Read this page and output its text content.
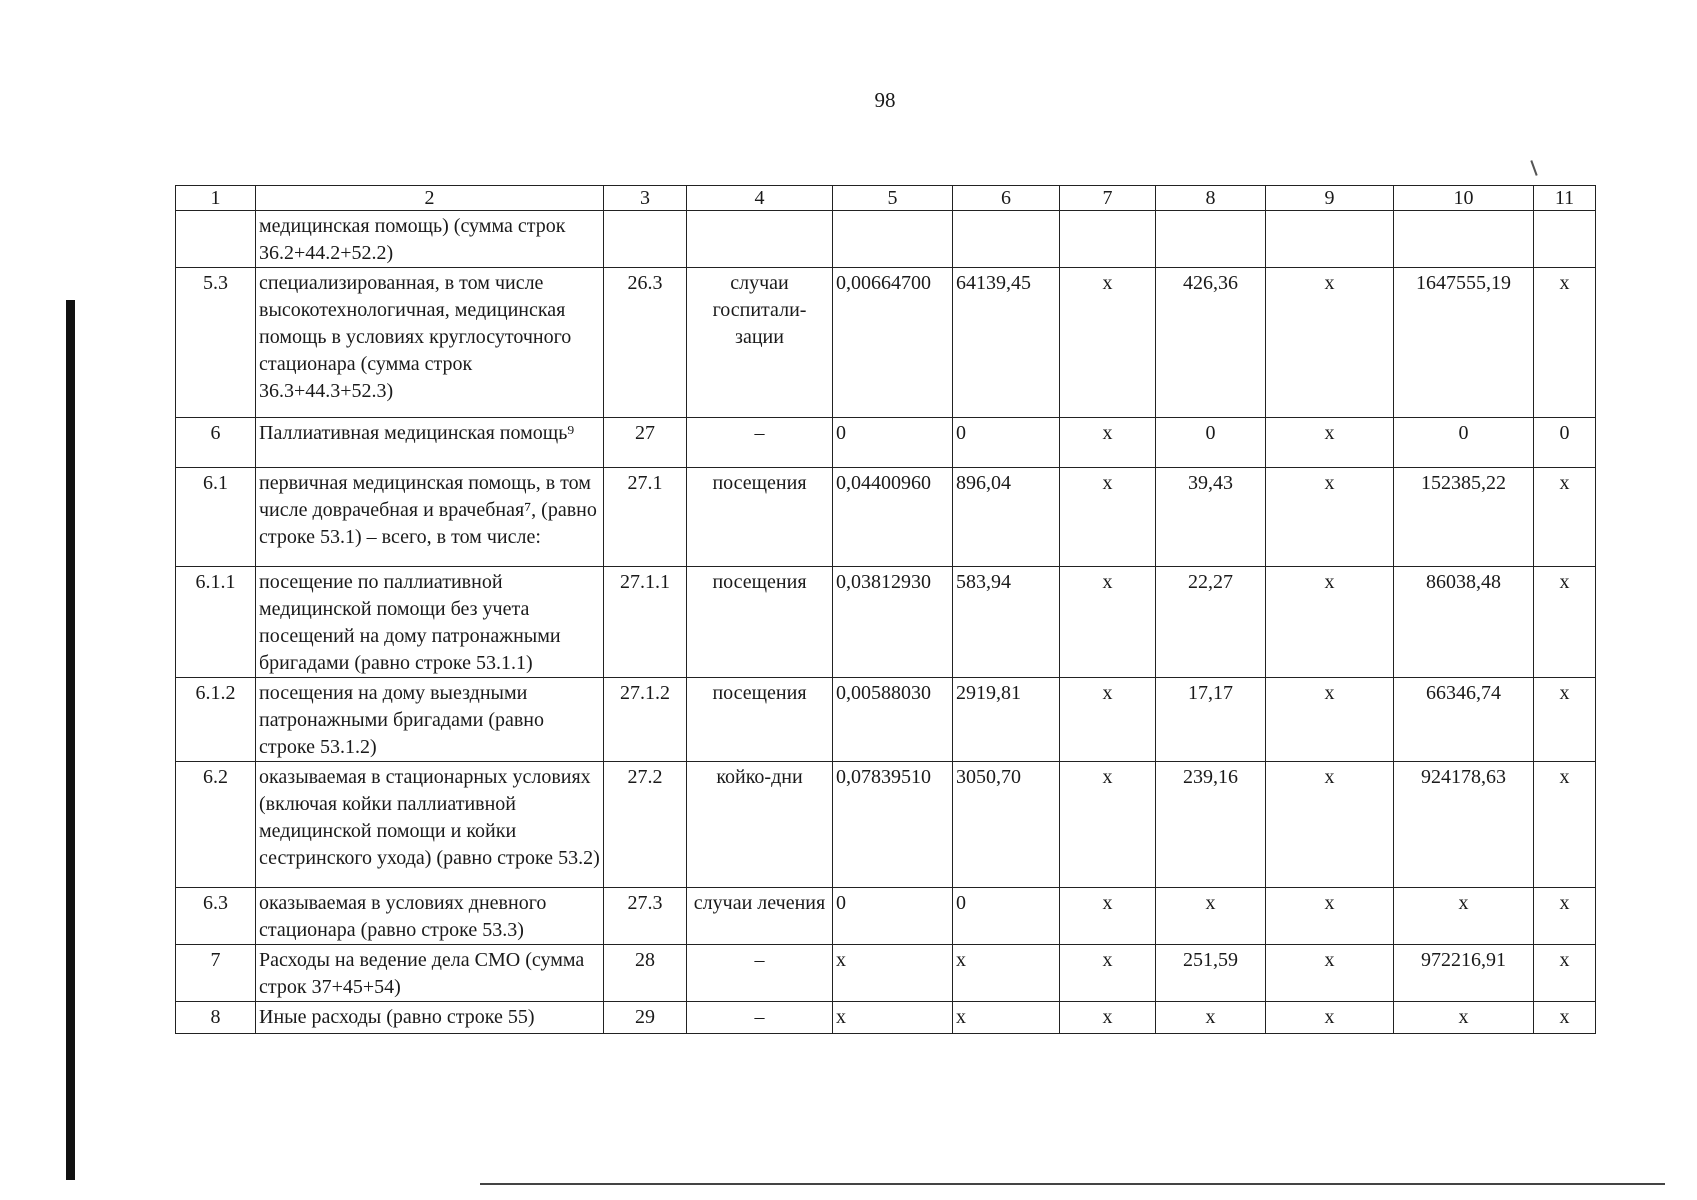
98
1	2	3	4	5	6	7	8	9	10	11
	медицинская помощь) (сумма строк 36.2+44.2+52.2)									
5.3	специализированная, в том числе высокотехнологичная, медицинская помощь в условиях круглосуточного стационара (сумма строк 36.3+44.3+52.3)	26.3	случаи госпитали-зации	0,00664700	64139,45	х	426,36	х	1647555,19	х
6	Паллиативная медицинская помощь⁹	27	–	0	0	х	0	х	0	0
6.1	первичная медицинская помощь, в том числе доврачебная и врачебная⁷, (равно строке 53.1) – всего, в том числе:	27.1	посещения	0,04400960	896,04	х	39,43	х	152385,22	х
6.1.1	посещение по паллиативной медицинской помощи без учета посещений на дому патронажными бригадами (равно строке 53.1.1)	27.1.1	посещения	0,03812930	583,94	х	22,27	х	86038,48	х
6.1.2	посещения на дому выездными патронажными бригадами (равно строке 53.1.2)	27.1.2	посещения	0,00588030	2919,81	х	17,17	х	66346,74	х
6.2	оказываемая в стационарных условиях (включая койки паллиативной медицинской помощи и койки сестринского ухода) (равно строке 53.2)	27.2	койко-дни	0,07839510	3050,70	х	239,16	х	924178,63	х
6.3	оказываемая в условиях дневного стационара (равно строке 53.3)	27.3	случаи лечения	0	0	х	х	х	х	х
7	Расходы на ведение дела СМО (сумма строк 37+45+54)	28	–	х	х	х	251,59	х	972216,91	х
8	Иные расходы (равно строке 55)	29	–	х	х	х	х	х	х	х
